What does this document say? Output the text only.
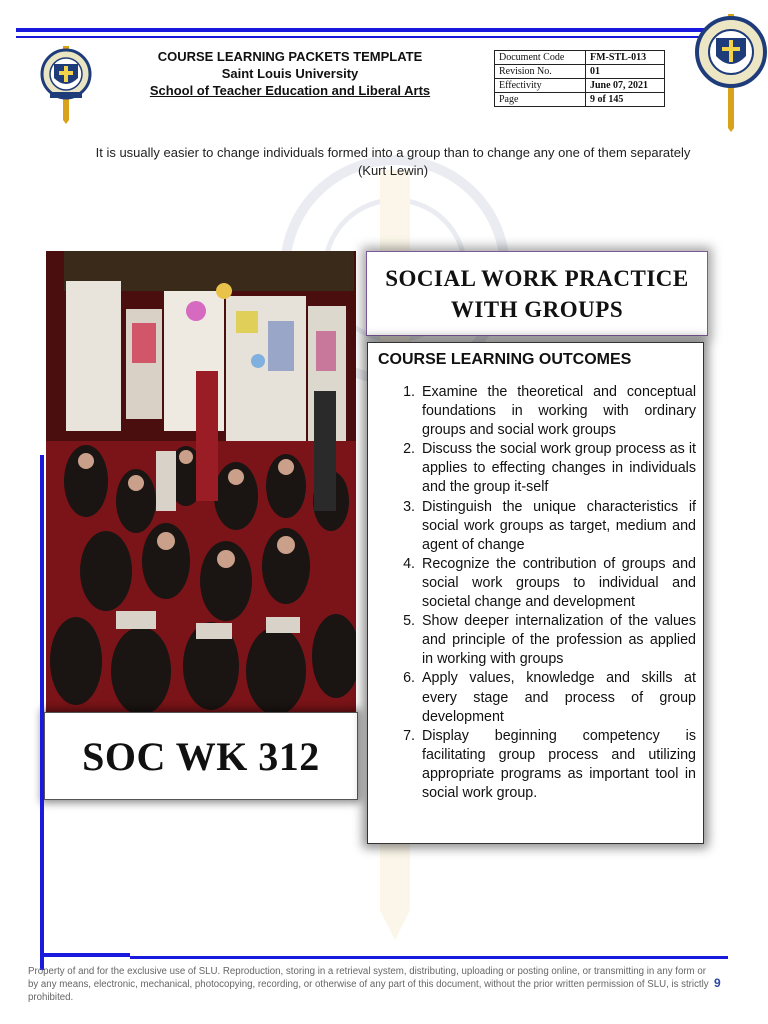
COURSE LEARNING PACKETS TEMPLATE
Saint Louis University
School of Teacher Education and Liberal Arts
Document Code	FM-STL-013
Revision No.	01
Effectivity	June 07, 2021
Page	9 of 145
It is usually easier to change individuals formed into a group than to change any one of them separately (Kurt Lewin)
SOC WK 312
SOCIAL WORK PRACTICE
WITH GROUPS
COURSE LEARNING OUTCOMES
1. Examine the theoretical and conceptual foundations in working with ordinary groups and social work groups
2. Discuss the social work group process as it applies to effecting changes in individuals and the group it-self
3. Distinguish the unique characteristics if social work groups as target, medium and agent of change
4. Recognize the contribution of groups and social work groups to individual and societal change and development
5. Show deeper internalization of the values and principle of the profession as applied in working with groups
6. Apply values, knowledge and skills at every stage and process of group development
7. Display beginning competency is facilitating group process and utilizing appropriate programs as important tool in social work group.
Property of and for the exclusive use of SLU. Reproduction, storing in a retrieval system, distributing, uploading or posting online, or transmitting in any form or by any means, electronic, mechanical, photocopying, recording, or otherwise of any part of this document, without the prior written permission of SLU, is strictly prohibited.
9
